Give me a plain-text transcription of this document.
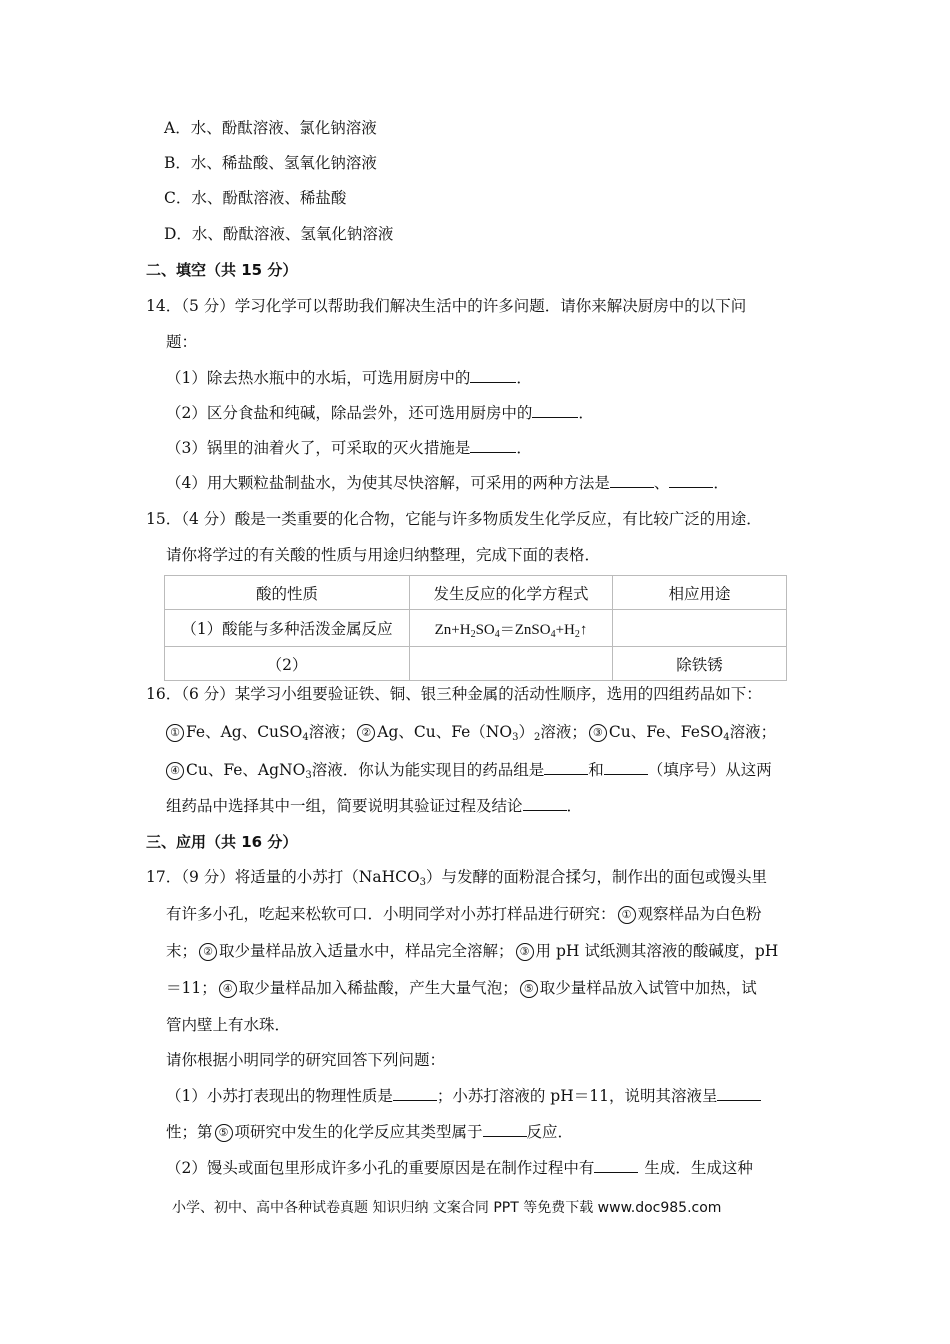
A．水、酚酞溶液、氯化钠溶液
B．水、稀盐酸、氢氧化钠溶液
C．水、酚酞溶液、稀盐酸
D．水、酚酞溶液、氢氧化钠溶液
二、填空（共 15 分）
14．（5 分）学习化学可以帮助我们解决生活中的许多问题．请你来解决厨房中的以下问
题：
（1）除去热水瓶中的水垢，可选用厨房中的	．
（2）区分食盐和纯碱，除品尝外，还可选用厨房中的	．
（3）锅里的油着火了，可采取的灭火措施是	．
（4）用大颗粒盐制盐水，为使其尽快溶解，可采用的两种方法是	、	．
15．（4 分）酸是一类重要的化合物，它能与许多物质发生化学反应，有比较广泛的用途．
请你将学过的有关酸的性质与用途归纳整理，完成下面的表格．
酸的性质	发生反应的化学方程式	相应用途
（1）酸能与多种活泼金属反应	$Zn+H_2SO_4=ZnSO_4+H_2↑$	
（2）		除铁锈
16．（6 分）某学习小组要验证铁、铜、银三种金属的活动性顺序，选用的四组药品如下：
① Fe、Ag、CuSO$_4$溶液； ② Ag、Cu、$Fe(NO_3)_2$溶液； ③ Cu、Fe、FeSO$_4$溶液；
④ Cu、Fe、AgNO$_3$溶液．你认为能实现目的药品组是	和	（填序号）从这两
组药品中选择其中一组，简要说明其验证过程及结论	．
三、应用（共 16 分）
17．（9 分）将适量的小苏打（NaHCO$_3$）与发酵的面粉混合揉匀，制作出的面包或馒头里
有许多小孔，吃起来松软可口．小明同学对小苏打样品进行研究： ① 观察样品为白色粉
末； ② 取少量样品放入适量水中，样品完全溶解； ③ 用 pH 试纸测其溶液的酸碱度，pH
＝11； ④ 取少量样品加入稀盐酸，产生大量气泡； ⑤ 取少量样品放入试管中加热，试
管内壁上有水珠．
请你根据小明同学的研究回答下列问题：
（1）小苏打表现出的物理性质是	；小苏打溶液的 pH＝11，说明其溶液呈
性；第 ⑤ 项研究中发生的化学反应其类型属于	反应．
（2）馒头或面包里形成许多小孔的重要原因是在制作过程中有	生成．生成这种
小学、初中、高中各种试卷真题 知识归纳 文案合同 PPT 等免费下载 www.doc985.com
